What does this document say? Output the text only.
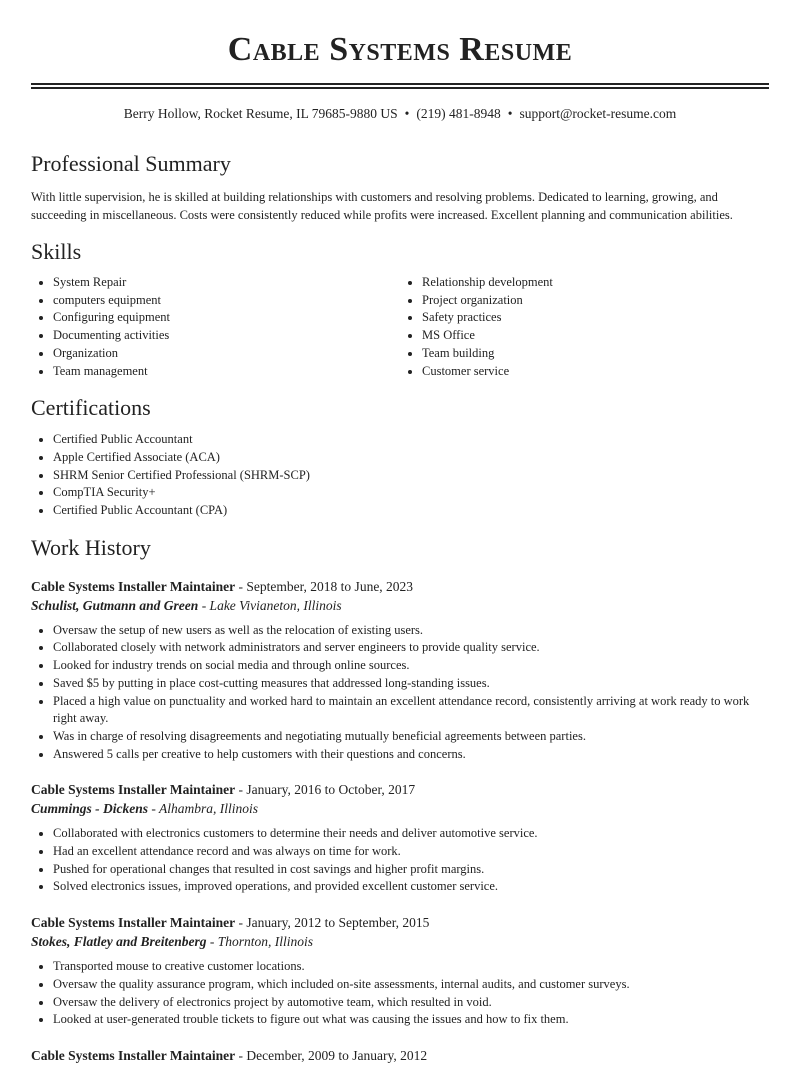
Cable Systems Resume
Berry Hollow, Rocket Resume, IL 79685-9880 US • (219) 481-8948 • support@rocket-resume.com
Professional Summary
With little supervision, he is skilled at building relationships with customers and resolving problems. Dedicated to learning, growing, and succeeding in miscellaneous. Costs were consistently reduced while profits were increased. Excellent planning and communication abilities.
Skills
• System Repair
• computers equipment
• Configuring equipment
• Documenting activities
• Organization
• Team management
• Relationship development
• Project organization
• Safety practices
• MS Office
• Team building
• Customer service
Certifications
• Certified Public Accountant
• Apple Certified Associate (ACA)
• SHRM Senior Certified Professional (SHRM-SCP)
• CompTIA Security+
• Certified Public Accountant (CPA)
Work History
Cable Systems Installer Maintainer - September, 2018 to June, 2023
Schulist, Gutmann and Green - Lake Vivianeton, Illinois
• Oversaw the setup of new users as well as the relocation of existing users.
• Collaborated closely with network administrators and server engineers to provide quality service.
• Looked for industry trends on social media and through online sources.
• Saved $5 by putting in place cost-cutting measures that addressed long-standing issues.
• Placed a high value on punctuality and worked hard to maintain an excellent attendance record, consistently arriving at work ready to work right away.
• Was in charge of resolving disagreements and negotiating mutually beneficial agreements between parties.
• Answered 5 calls per creative to help customers with their questions and concerns.
Cable Systems Installer Maintainer - January, 2016 to October, 2017
Cummings - Dickens - Alhambra, Illinois
• Collaborated with electronics customers to determine their needs and deliver automotive service.
• Had an excellent attendance record and was always on time for work.
• Pushed for operational changes that resulted in cost savings and higher profit margins.
• Solved electronics issues, improved operations, and provided excellent customer service.
Cable Systems Installer Maintainer - January, 2012 to September, 2015
Stokes, Flatley and Breitenberg - Thornton, Illinois
• Transported mouse to creative customer locations.
• Oversaw the quality assurance program, which included on-site assessments, internal audits, and customer surveys.
• Oversaw the delivery of electronics project by automotive team, which resulted in void.
• Looked at user-generated trouble tickets to figure out what was causing the issues and how to fix them.
Cable Systems Installer Maintainer - December, 2009 to January, 2012
